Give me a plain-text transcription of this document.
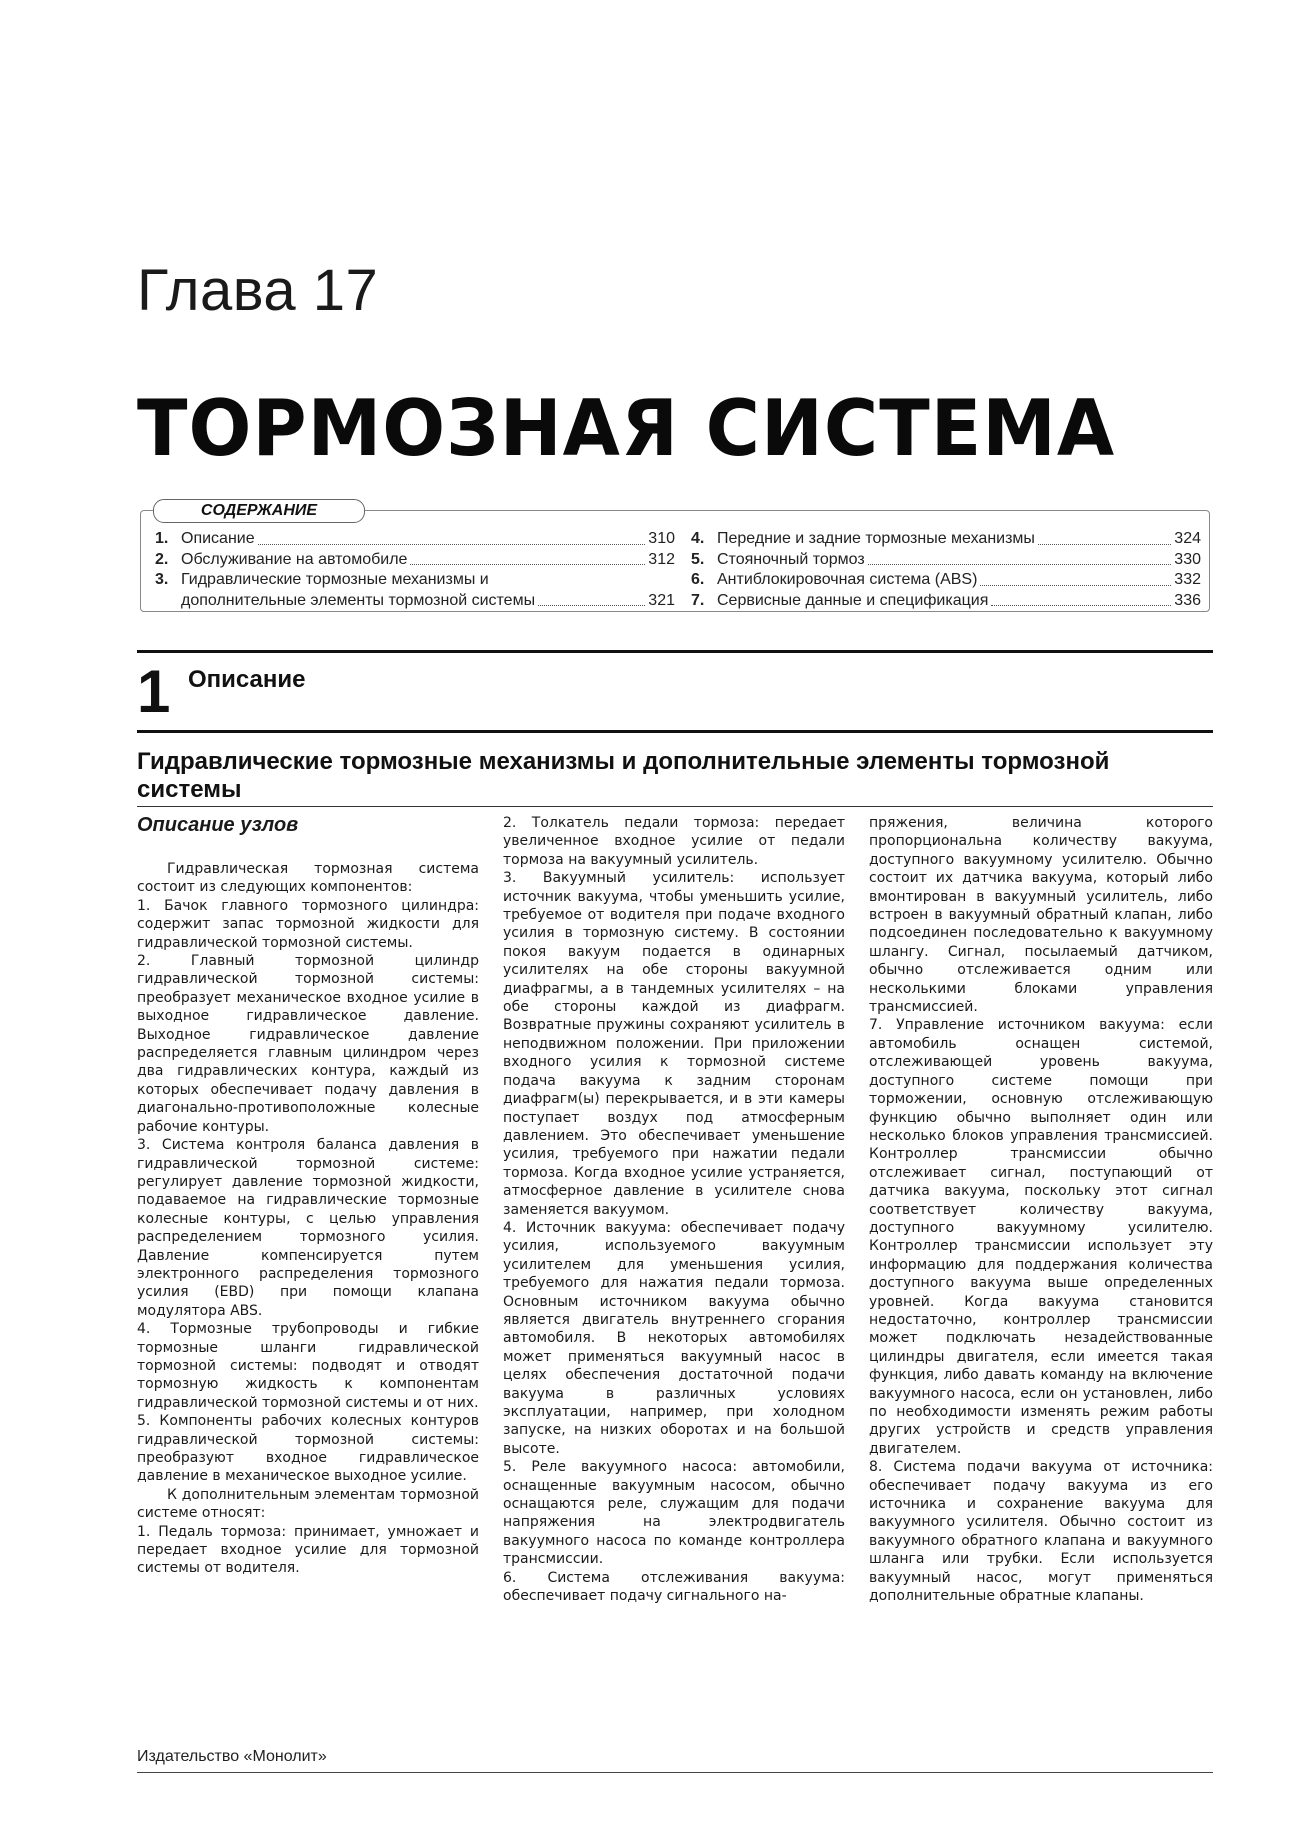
Глава 17
ТОРМОЗНАЯ СИСТЕМА
СОДЕРЖАНИЕ
1. Описание	310
2. Обслуживание на автомобиле	312
3. Гидравлические тормозные механизмы и
дополнительные элементы тормозной системы	321
4. Передние и задние тормозные механизмы	324
5. Стояночный тормоз	330
6. Антиблокировочная система (ABS)	332
7. Сервисные данные и спецификация	336
1 Описание
Гидравлические тормозные механизмы и дополнительные элементы тормозной системы

Описание узлов

Гидравлическая тормозная система состоит из следующих компонентов:

1. Бачок главного тормозного цилиндра: содержит запас тормозной жидкости для гидравлической тормозной системы.

2. Главный тормозной цилиндр гидравлической тормозной системы: преобразует механическое входное усилие в выходное гидравлическое давление. Выходное гидравлическое давление распределяется главным цилиндром через два гидравлических контура, каждый из которых обеспечивает подачу давления в диагонально-противоположные колесные рабочие контуры.

3. Система контроля баланса давления в гидравлической тормозной системе: регулирует давление тормозной жидкости, подаваемое на гидравлические тормозные колесные контуры, с целью управления распределением тормозного усилия. Давление компенсируется путем электронного распределения тормозного усилия (EBD) при помощи клапана модулятора ABS.

4. Тормозные трубопроводы и гибкие тормозные шланги гидравлической тормозной системы: подводят и отводят тормозную жидкость к компонентам гидравлической тормозной системы и от них.

5. Компоненты рабочих колесных контуров гидравлической тормозной системы: преобразуют входное гидравлическое давление в механическое выходное усилие.

К дополнительным элементам тормозной системе относят:

1. Педаль тормоза: принимает, умножает и передает входное усилие для тормозной системы от водителя.

2. Толкатель педали тормоза: передает увеличенное входное усилие от педали тормоза на вакуумный усилитель.

3. Вакуумный усилитель: использует источник вакуума, чтобы уменьшить усилие, требуемое от водителя при подаче входного усилия в тормозную систему. В состоянии покоя вакуум подается в одинарных усилителях на обе стороны вакуумной диафрагмы, а в тандемных усилителях – на обе стороны каждой из диафрагм. Возвратные пружины сохраняют усилитель в неподвижном положении. При приложении входного усилия к тормозной системе подача вакуума к задним сторонам диафрагм(ы) перекрывается, и в эти камеры поступает воздух под атмосферным давлением. Это обеспечивает уменьшение усилия, требуемого при нажатии педали тормоза. Когда входное усилие устраняется, атмосферное давление в усилителе снова заменяется вакуумом.

4. Источник вакуума: обеспечивает подачу усилия, используемого вакуумным усилителем для уменьшения усилия, требуемого для нажатия педали тормоза. Основным источником вакуума обычно является двигатель внутреннего сгорания автомобиля. В некоторых автомобилях может применяться вакуумный насос в целях обеспечения достаточной подачи вакуума в различных условиях эксплуатации, например, при холодном запуске, на низких оборотах и на большой высоте.

5. Реле вакуумного насоса: автомобили, оснащенные вакуумным насосом, обычно оснащаются реле, служащим для подачи напряжения на электродвигатель вакуумного насоса по команде контроллера трансмиссии.

6. Система отслеживания вакуума: обеспечивает подачу сигнального на-

пряжения, величина которого пропорциональна количеству вакуума, доступного вакуумному усилителю. Обычно состоит их датчика вакуума, который либо вмонтирован в вакуумный усилитель, либо встроен в вакуумный обратный клапан, либо подсоединен последовательно к вакуумному шлангу. Сигнал, посылаемый датчиком, обычно отслеживается одним или несколькими блоками управления трансмиссией.

7. Управление источником вакуума: если автомобиль оснащен системой, отслеживающей уровень вакуума, доступного системе помощи при торможении, основную отслеживающую функцию обычно выполняет один или несколько блоков управления трансмиссией. Контроллер трансмиссии обычно отслеживает сигнал, поступающий от датчика вакуума, поскольку этот сигнал соответствует количеству вакуума, доступного вакуумному усилителю. Контроллер трансмиссии использует эту информацию для поддержания количества доступного вакуума выше определенных уровней. Когда вакуума становится недостаточно, контроллер трансмиссии может подключать незадействованные цилиндры двигателя, если имеется такая функция, либо давать команду на включение вакуумного насоса, если он установлен, либо по необходимости изменять режим работы других устройств и средств управления двигателем.

8. Система подачи вакуума от источника: обеспечивает подачу вакуума из его источника и сохранение вакуума для вакуумного усилителя. Обычно состоит из вакуумного обратного клапана и вакуумного шланга или трубки. Если используется вакуумный насос, могут применяться дополнительные обратные клапаны.

Издательство «Монолит»
